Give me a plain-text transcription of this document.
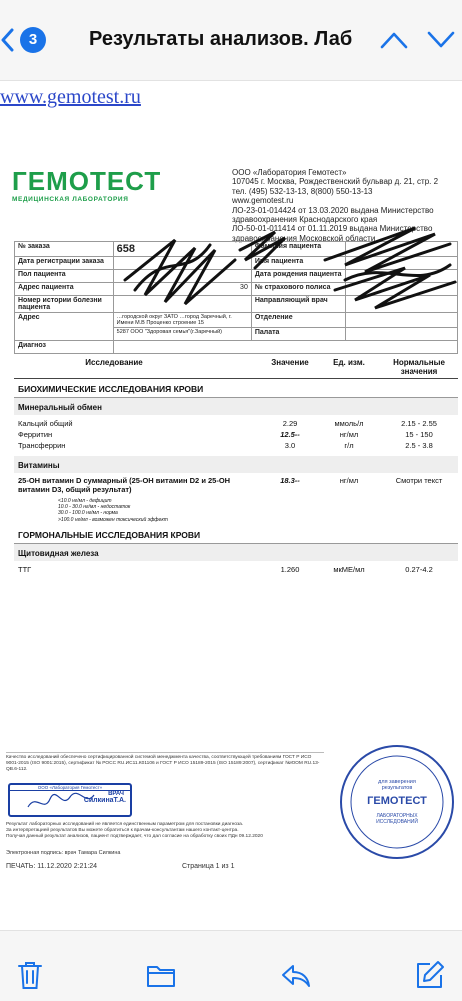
3	Результаты анализов. Лаб
www.gemotest.ru
ГЕМОТЕСТ
МЕДИЦИНСКАЯ ЛАБОРАТОРИЯ
ООО «Лаборатория Гемотест»
107045 г. Москва, Рождественский бульвар д. 21, стр. 2
тел. (495) 532-13-13, 8(800) 550-13-13
www.gemotest.ru
ЛО-23-01-014424 от 13.03.2020 выдана Министерство
здравоохранения Краснодарского края
ЛО-50-01-011414 от 01.11.2019 выдана Министерство
здравоохранения Московской области
№ заказа	658	Фамилия пациента	
Дата регистрации заказа		Имя пациента	
Пол пациента		Дата рождения пациента	
Адрес пациента	30	№ страхового полиса	
Номер истории болезни пациента		Направляющий врач	
Адрес	…городской округ ЗАТО …город Заречный, г. Имени М.В Проценко строение 15	Отделение	
	5287 ООО "Здоровая семья"(г.Заречный)	Палата	
Диагноз			
Исследование	Значение	Ед. изм.	Нормальные значения
БИОХИМИЧЕСКИЕ ИССЛЕДОВАНИЯ КРОВИ
Минеральный обмен
Кальций общий	2.29	ммоль/л	2.15 - 2.55
Ферритин	12.5--	нг/мл	15 - 150
Трансферрин	3.0	г/л	2.5 - 3.8
Витамины
25-ОН витамин D суммарный (25-ОН витамин D2 и 25-ОН витамин D3, общий результат)
18.3--	нг/мл	Смотри текст
<10.0 нг/мл - дефицит
10.0 - 30.0 нг/мл - недостаток
30.0 - 100.0 нг/мл - норма
>100.0 нг/мл - возможен токсический эффект
ГОРМОНАЛЬНЫЕ ИССЛЕДОВАНИЯ КРОВИ
Щитовидная железа
ТТГ	1.260	мкМЕ/мл	0.27-4.2
Качество исследований обеспечено сертифицированной системой менеджмента качества, соответствующей требованиям ГОСТ Р ИСО 9001-2015 (ISO 9001:2015), сертификат № РОСС RU.ИС11.К01106 и ГОСТ Р ИСО 15189-2015 (ISO 15189:2007), сертификат №ЮОМ RU.13-QB.6-112.
ООО «Лаборатория Гемотест»
ВРАЧ
СилкинаТ.А.
Результат лабораторных исследований не является единственным параметром для постановки диагноза.
За интерпретацией результатов Вы можете обратиться к врачам-консультантам нашего контакт-центра.
Получая данный результат анализов, пациент подтверждает, что дал согласие на обработку своих ПДн 09.12.2020
Электронная подпись: врач Тамара Силкина
ПЕЧАТЬ: 11.12.2020 2:21:24	Страница 1 из 1
для заверения результатов
ГЕМОТЕСТ
ЛАБОРАТОРНЫХ ИССЛЕДОВАНИЙ
